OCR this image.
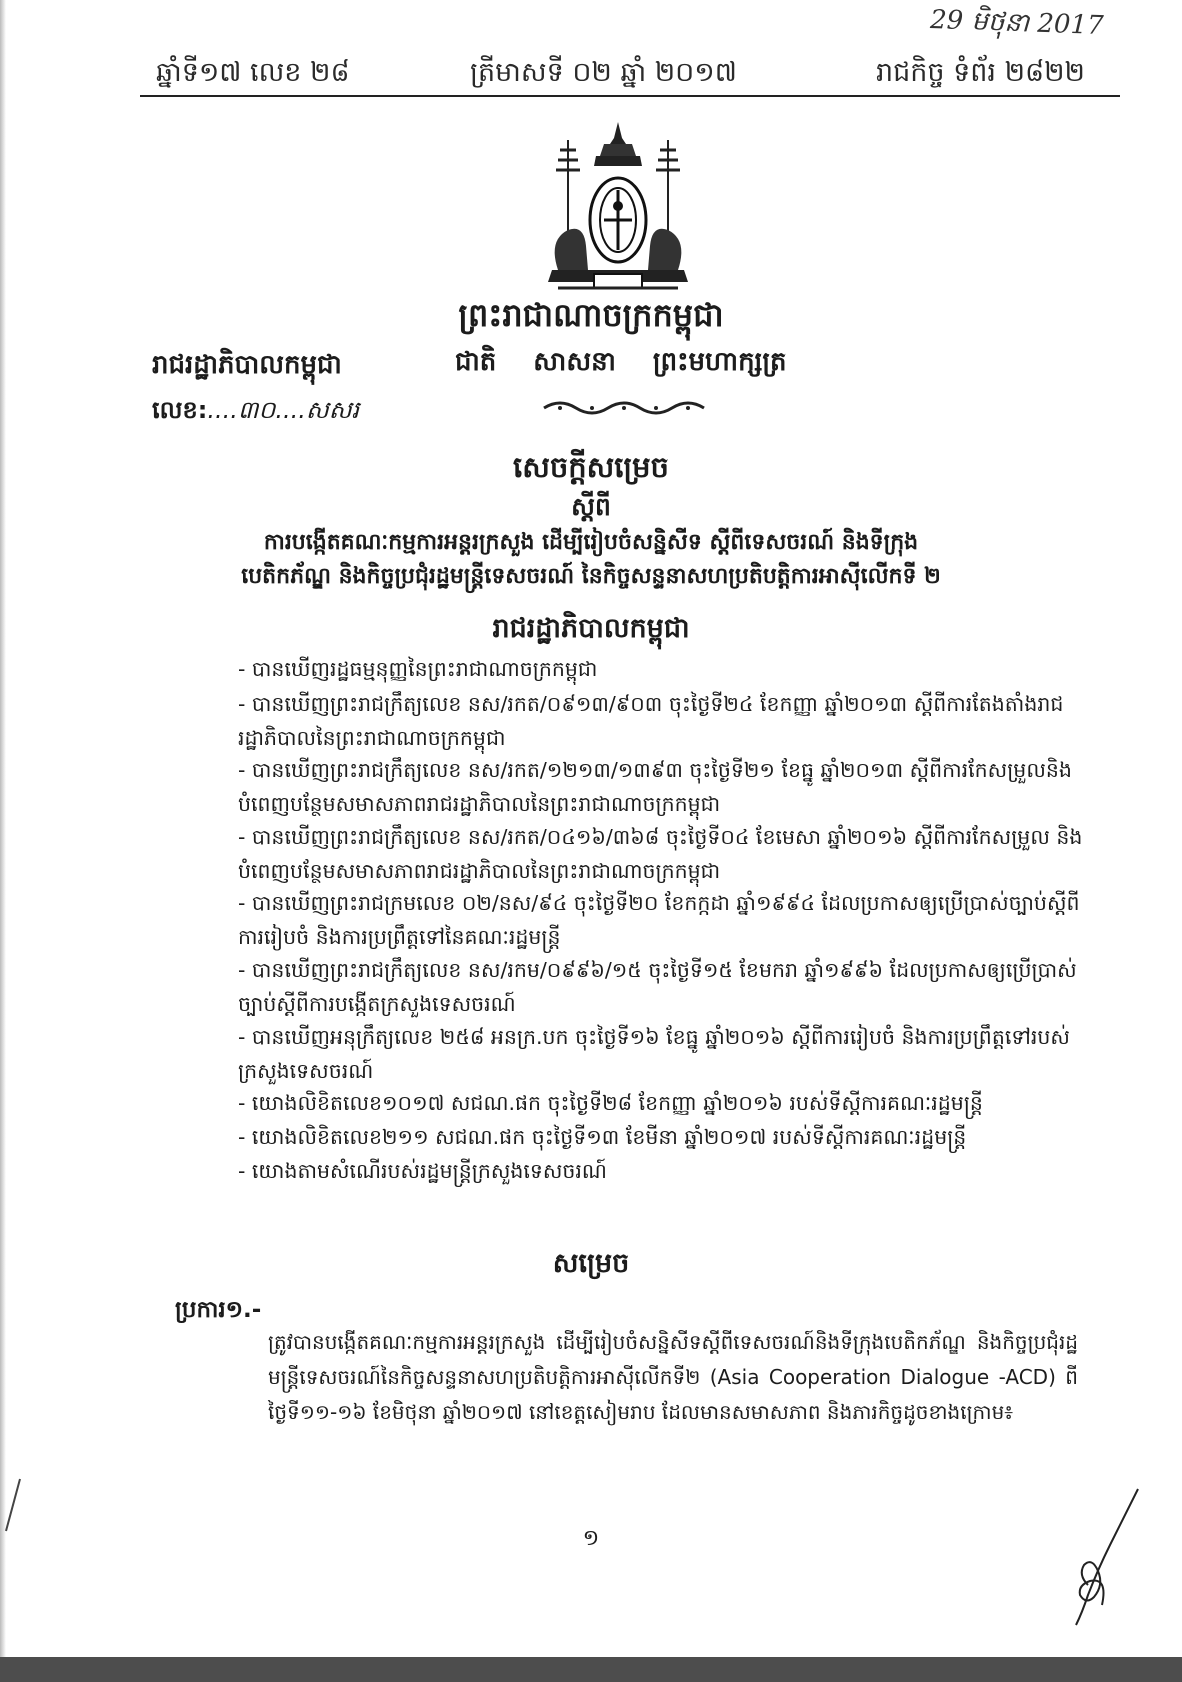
29 មិថុនា 2017
ឆ្នាំទី១៧ លេខ ២៨	ត្រីមាសទី ០២ ឆ្នាំ ២០១៧	រាជកិច្ច ទំព័រ ២៨២២
ព្រះរាជាណាចក្រកម្ពុជា
រាជរដ្ឋាភិបាលកម្ពុជា	ជាតិ សាសនា ព្រះមហាក្សត្រ
លេខ:....៣០....សសរ
សេចក្តីសម្រេច
ស្តីពី
ការបង្កើតគណៈកម្មការអន្តរក្រសួង ដើម្បីរៀបចំសន្និសីទ ស្តីពីទេសចរណ៍ និងទីក្រុង
បេតិកភ័ណ្ឌ និងកិច្ចប្រជុំរដ្ឋមន្ត្រីទេសចរណ៍ នៃកិច្ចសន្ទនាសហប្រតិបត្តិការអាស៊ីលើកទី ២
រាជរដ្ឋាភិបាលកម្ពុជា
- បានឃើញរដ្ឋធម្មនុញ្ញនៃព្រះរាជាណាចក្រកម្ពុជា
- បានឃើញព្រះរាជក្រឹត្យលេខ នស/រកត/០៩១៣/៩០៣ ចុះថ្ងៃទី២៤ ខែកញ្ញា ឆ្នាំ២០១៣ ស្តីពីការតែងតាំងរាជរដ្ឋាភិបាលនៃព្រះរាជាណាចក្រកម្ពុជា
- បានឃើញព្រះរាជក្រឹត្យលេខ នស/រកត/១២១៣/១៣៩៣ ចុះថ្ងៃទី២១ ខែធ្នូ ឆ្នាំ២០១៣ ស្តីពីការកែសម្រួលនិងបំពេញបន្ថែមសមាសភាពរាជរដ្ឋាភិបាលនៃព្រះរាជាណាចក្រកម្ពុជា
- បានឃើញព្រះរាជក្រឹត្យលេខ នស/រកត/០៤១៦/៣៦៨ ចុះថ្ងៃទី០៤ ខែមេសា ឆ្នាំ២០១៦ ស្តីពីការកែសម្រួល និងបំពេញបន្ថែមសមាសភាពរាជរដ្ឋាភិបាលនៃព្រះរាជាណាចក្រកម្ពុជា
- បានឃើញព្រះរាជក្រមលេខ ០២/នស/៩៤ ចុះថ្ងៃទី២០ ខែកក្កដា ឆ្នាំ១៩៩៤ ដែលប្រកាសឲ្យប្រើប្រាស់ច្បាប់ស្តីពីការរៀបចំ និងការប្រព្រឹត្តទៅនៃគណៈរដ្ឋមន្ត្រី
- បានឃើញព្រះរាជក្រឹត្យលេខ នស/រកម/០៩៩៦/១៥ ចុះថ្ងៃទី១៥ ខែមករា ឆ្នាំ១៩៩៦ ដែលប្រកាសឲ្យប្រើប្រាស់ច្បាប់ស្តីពីការបង្កើតក្រសួងទេសចរណ៍
- បានឃើញអនុក្រឹត្យលេខ ២៥៨ អនក្រ.បក ចុះថ្ងៃទី១៦ ខែធ្នូ ឆ្នាំ២០១៦ ស្តីពីការរៀបចំ និងការប្រព្រឹត្តទៅរបស់ក្រសួងទេសចរណ៍
- យោងលិខិតលេខ១០១៧ សជណ.ផក ចុះថ្ងៃទី២៨ ខែកញ្ញា ឆ្នាំ២០១៦ របស់ទីស្តីការគណៈរដ្ឋមន្ត្រី
- យោងលិខិតលេខ២១១ សជណ.ផក ចុះថ្ងៃទី១៣ ខែមីនា ឆ្នាំ២០១៧ របស់ទីស្តីការគណៈរដ្ឋមន្ត្រី
- យោងតាមសំណើរបស់រដ្ឋមន្ត្រីក្រសួងទេសចរណ៍
សម្រេច
ប្រការ១.-
ត្រូវបានបង្កើតគណៈកម្មការអន្តរក្រសួង ដើម្បីរៀបចំសន្និសីទស្តីពីទេសចរណ៍និងទីក្រុងបេតិកភ័ណ្ឌ និងកិច្ចប្រជុំរដ្ឋមន្ត្រីទេសចរណ៍នៃកិច្ចសន្ទនាសហប្រតិបត្តិការអាស៊ីលើកទី២ (Asia Cooperation Dialogue -ACD) ពីថ្ងៃទី១១-១៦ ខែមិថុនា ឆ្នាំ២០១៧ នៅខេត្តសៀមរាប ដែលមានសមាសភាព និងភារកិច្ចដូចខាងក្រោម៖
១
